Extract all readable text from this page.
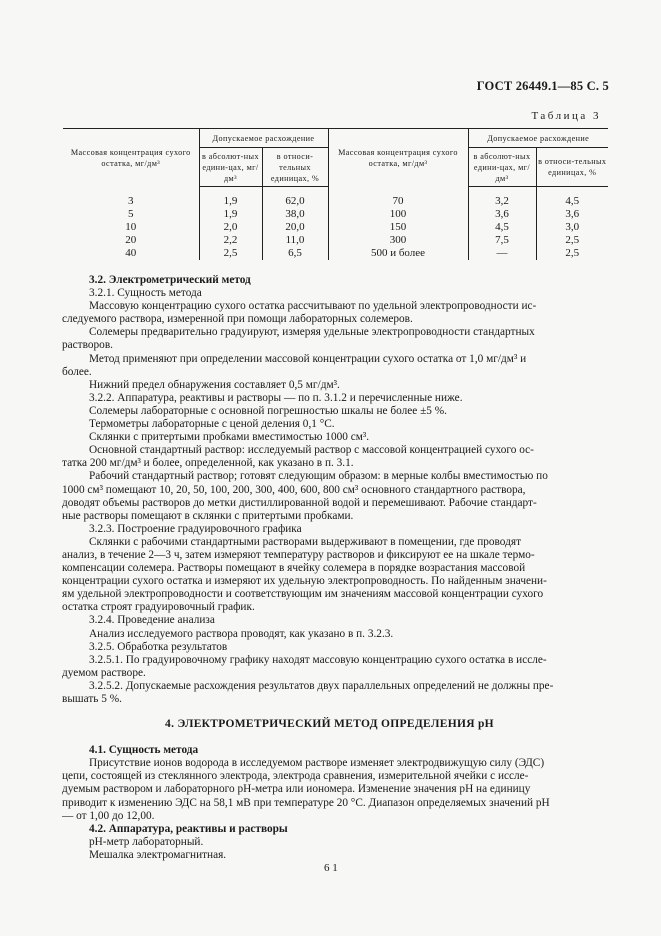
ГОСТ 26449.1—85 С. 5
Таблица 3
Массовая концентрация сухого остатка, мг/дм³	Допускаемое расхождение		Массовая концентрация сухого остатка, мг/дм³	Допускаемое расхождение	
	в абсолют-ных едини-цах, мг/дм³	в относи-тельных единицах, %		в абсолют-ных едини-цах, мг/дм³	в относи-тельных единицах, %
3	1,9	62,0	70	3,2	4,5
5	1,9	38,0	100	3,6	3,6
10	2,0	20,0	150	4,5	3,0
20	2,2	11,0	300	7,5	2,5
40	2,5	6,5	500 и более	—	2,5
3.2. Электрометрический метод
3.2.1. Сущность метода
Массовую концентрацию сухого остатка рассчитывают по удельной электропроводности ис-
следуемого раствора, измеренной при помощи лабораторных солемеров.
Солемеры предварительно градуируют, измеряя удельные электропроводности стандартных
растворов.
Метод применяют при определении массовой концентрации сухого остатка от 1,0 мг/дм³ и
более.
Нижний предел обнаружения составляет 0,5 мг/дм³.
3.2.2. Аппаратура, реактивы и растворы — по п. 3.1.2 и перечисленные ниже.
Солемеры лабораторные с основной погрешностью шкалы не более ±5 %.
Термометры лабораторные с ценой деления 0,1 °С.
Склянки с притертыми пробками вместимостью 1000 см³.
Основной стандартный раствор: исследуемый раствор с массовой концентрацией сухого ос-
татка 200 мг/дм³ и более, определенной, как указано в п. 3.1.
Рабочий стандартный раствор; готовят следующим образом: в мерные колбы вместимостью по
1000 см³ помещают 10, 20, 50, 100, 200, 300, 400, 600, 800 см³ основного стандартного раствора,
доводят объемы растворов до метки дистиллированной водой и перемешивают. Рабочие стандарт-
ные растворы помещают в склянки с притертыми пробками.
3.2.3. Построение градуировочного графика
Склянки с рабочими стандартными растворами выдерживают в помещении, где проводят
анализ, в течение 2—3 ч, затем измеряют температуру растворов и фиксируют ее на шкале термо-
компенсации солемера. Растворы помещают в ячейку солемера в порядке возрастания массовой
концентрации сухого остатка и измеряют их удельную электропроводность. По найденным значени-
ям удельной электропроводности и соответствующим им значениям массовой концентрации сухого
остатка строят градуировочный график.
3.2.4. Проведение анализа
Анализ исследуемого раствора проводят, как указано в п. 3.2.3.
3.2.5. Обработка результатов
3.2.5.1. По градуировочному графику находят массовую концентрацию сухого остатка в иссле-
дуемом растворе.
3.2.5.2. Допускаемые расхождения результатов двух параллельных определений не должны пре-
вышать 5 %.
4. ЭЛЕКТРОМЕТРИЧЕСКИЙ МЕТОД ОПРЕДЕЛЕНИЯ рН
4.1. Сущность метода
Присутствие ионов водорода в исследуемом растворе изменяет электродвижущую силу (ЭДС)
цепи, состоящей из стеклянного электрода, электрода сравнения, измерительной ячейки с иссле-
дуемым раствором и лабораторного рН-метра или иономера. Изменение значения рН на единицу
приводит к изменению ЭДС на 58,1 мВ при температуре 20 °С. Диапазон определяемых значений рН
— от 1,00 до 12,00.
4.2. Аппаратура, реактивы и растворы
рН-метр лабораторный.
Мешалка электромагнитная.
6 1
